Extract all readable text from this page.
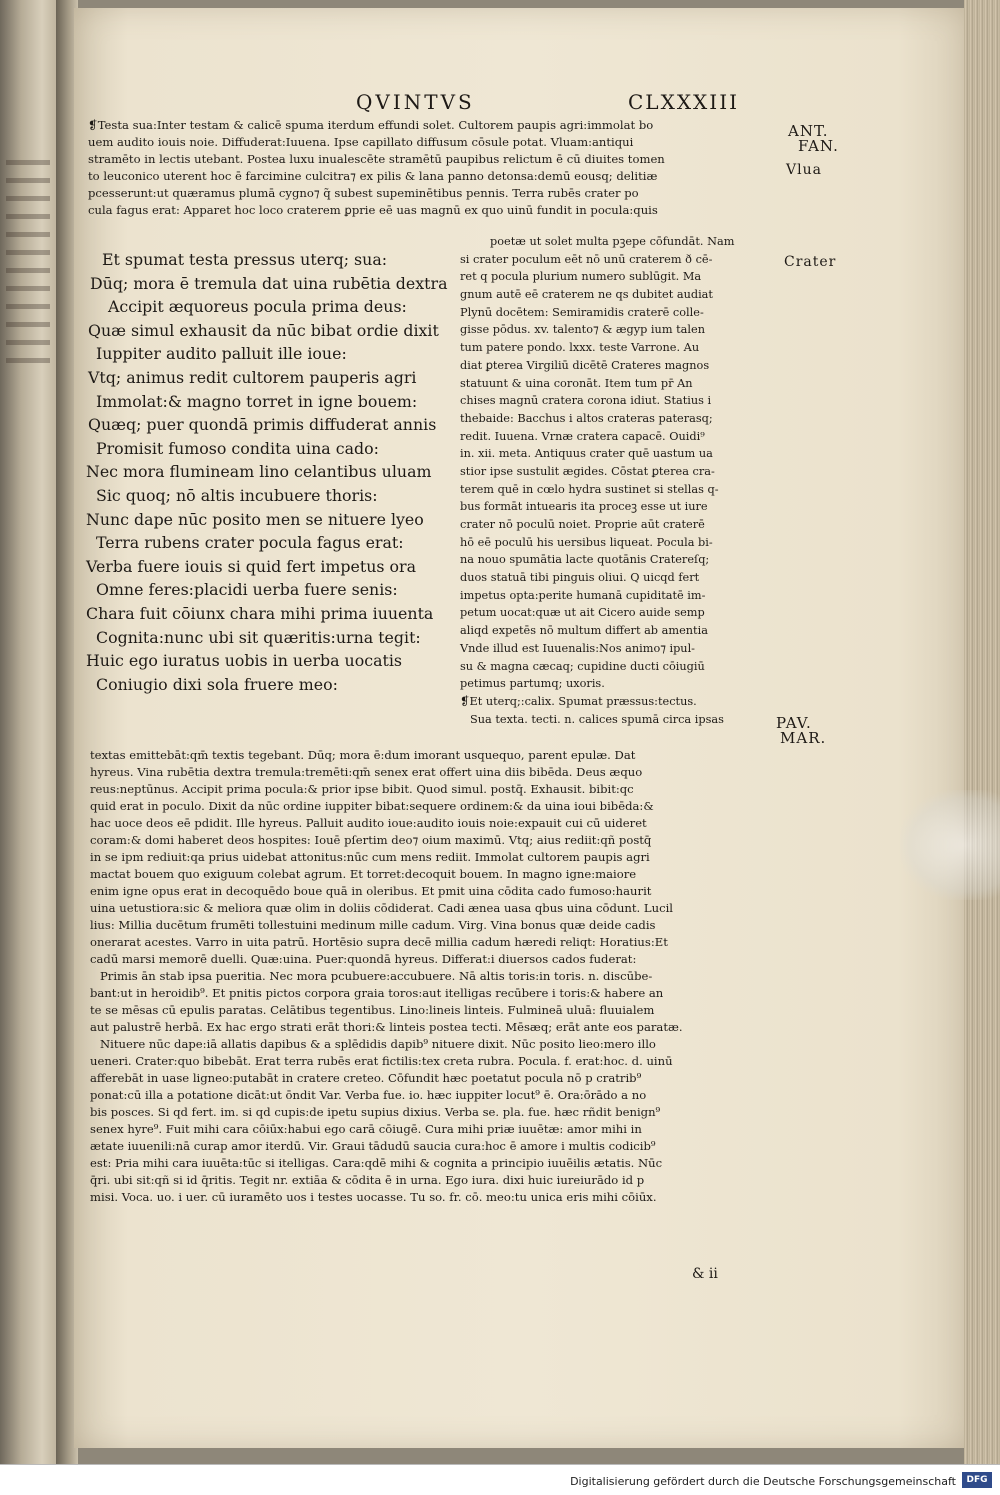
QVINTVS	CLXXXIII
❡Testa sua:Inter testam & calicē spuma iterdum effundi solet. Cultorem paupis agri:immolat bo
uem audito iouis noie. Diffuderat:Iuuena. Ipse capillato diffusum cōsule potat. Vluam:antiqui
stramēto in lectis utebant. Postea luxu inualescēte stramētū paupibus relictum ē cū diuites tomen
to leuconico uterent hoc ē farcimine culcitra⁊ ex pilis & lana panno detonsa:demū eousq; delitiæ
pcesserunt:ut quæramus plumā cygno⁊ q̃ subest supeminētibus pennis. Terra rubēs crater po
cula fagus erat: Apparet hoc loco craterem ꝑprie eē uas magnū ex quo uinū fundit in pocula:quis
Et spumat testa pressus uterq; sua:
Dūq; mora ē tremula dat uina rubētia dextra
Accipit æquoreus pocula prima deus:
Quæ simul exhausit da nūc bibat ordie dixit
Iuppiter audito palluit ille ioue:
Vtq; animus redit cultorem pauperis agri
Immolat:& magno torret in igne bouem:
Quæq; puer quondā primis diffuderat annis
Promisit fumoso condita uina cado:
Nec mora flumineam lino celantibus uluam
Sic quoq; nō altis incubuere thoris:
Nunc dape nūc posito men se nituere lyeo
Terra rubens crater pocula fagus erat:
Verba fuere iouis si quid fert impetus ora
Omne feres:placidi uerba fuere senis:
Chara fuit cōiunx chara mihi prima iuuenta
Cognita:nunc ubi sit quæritis:urna tegit:
Huic ego iuratus uobis in uerba uocatis
Coniugio dixi sola fruere meo:
poetæ ut solet multa pꝫepe cōfundāt. Nam
si crater poculum eēt nō unū craterem ð cē-
ret q pocula plurium numero sublūgit. Ma
gnum autē eē craterem ne qs dubitet audiat
Plynū docētem: Semiramidis craterē colle-
gisse pōdus. xv. talento⁊ & ægyp ium talen
tum patere pondo. lxxx. teste Varrone. Au
diat ꝑterea Virgiliū dicētē Crateres magnos
statuunt & uina coronāt. Item tum pr̄ An
chises magnū cratera corona idiut. Statius i
thebaide: Bacchus i altos crateras paterasq;
redit. Iuuena. Vrnæ cratera capacē. Ouidi⁹
in. xii. meta. Antiquus crater quē uastum ua
stior ipse sustulit ægides. Cōstat ꝑterea cra-
terem quē in cœlo hydra sustinet si stellas q-
bus formāt intuearis ita proceꝫ esse ut iure
crater nō poculū noiet. Proprie aūt craterē
hō eē poculū his uersibus liqueat. Pocula bi-
na nouo spumātia lacte quotānis Cratereſq;
duos statuā tibi pinguis oliui. Q uicqd fert
impetus opta:perite humanā cupiditatē im-
petum uocat:quæ ut ait Cicero auide semp
aliqd expetēs nō multum differt ab amentia
Vnde illud est Iuuenalis:Nos animo⁊ ipul-
su & magna cæcaq; cupidine ducti cōiugiū
petimus partumq; uxoris.
❡Et uterq;:calix. Spumat præssus:tectus.
Sua texta. tecti. n. calices spumā circa ipsas
textas emittebāt:qm̄ textis tegebant. Dūq; mora ē:dum imorant usquequo, parent epulæ. Dat
hyreus. Vina rubētia dextra tremula:tremēti:qm̄ senex erat offert uina diis bibēda. Deus æquo
reus:neptūnus. Accipit prima pocula:& prior ipse bibit. Quod simul. postq̄. Exhausit. bibit:qc
quid erat in poculo. Dixit da nūc ordine iuppiter bibat:sequere ordinem:& da uina ioui bibēda:&
hac uoce deos eē pdidit. Ille hyreus. Palluit audito ioue:audito iouis noie:expauit cui cū uideret
coram:& domi haberet deos hospites: Iouē pſertim deo⁊ oium maximū. Vtq; aius rediit:qñ postq̄
in se ipm rediuit:qa prius uidebat attonitus:nūc cum mens rediit. Immolat cultorem paupis agri
mactat bouem quo exiguum colebat agrum. Et torret:decoquit bouem. In magno igne:maiore
enim igne opus erat in decoquēdo boue quā in oleribus. Et pmit uina cōdita cado fumoso:haurit
uina uetustiora:sic & meliora quæ olim in doliis cōdiderat. Cadi ænea uasa qbus uina cōdunt. Lucil
lius: Millia ducētum frumēti tollestuini medinum mille cadum. Virg. Vina bonus quæ deide cadis
onerarat acestes. Varro in uita patrū. Hortēsio supra decē millia cadum hæredi reliqt: Horatius:Et
cadū marsi memorē duelli. Quæ:uina. Puer:quondā hyreus. Differat:i diuersos cados fuderat:
Primis ān stab ipsa pueritia. Nec mora pcubuere:accubuere. Nā altis toris:in toris. n. discūbe-
bant:ut in heroidib⁹. Et pnitis pictos corpora graia toros:aut itelligas recūbere i toris:& habere an
te se mēsas cū epulis paratas. Celātibus tegentibus. Lino:lineis linteis. Fulmineā uluā: fluuialem
aut palustrē herbā. Ex hac ergo strati erāt thori:& linteis postea tecti. Mēsæq; erāt ante eos paratæ.
Nituere nūc dape:iā allatis dapibus & a splēdidis dapib⁹ nituere dixit. Nūc posito lieo:mero illo
ueneri. Crater:quo bibebāt. Erat terra rubēs erat fictilis:tex creta rubra. Pocula. f. erat:hoc. d. uinū
afferebāt in uase ligneo:putabāt in cratere creteo. Cōfundit hæc poetatut pocula nō p cratrib⁹
ponat:cū illa a potatione dicāt:ut ōndit Var. Verba fue. io. hæc iuppiter locut⁹ ē. Ora:ōrādo a no
bis posces. Si qd fert. im. si qd cupis:de ipetu supius dixius. Verba se. pla. fue. hæc rñdit benign⁹
senex hyre⁹. Fuit mihi cara cōiūx:habui ego carā cōiugē. Cura mihi priæ iuuētæ: amor mihi in
ætate iuuenili:nā curap amor iterdū. Vir. Graui tādudū saucia cura:hoc ē amore i multis codicib⁹
est: Pria mihi cara iuuēta:tūc si itelligas. Cara:qdē mihi & cognita a principio iuuēilis ætatis. Nūc
q̄ri. ubi sit:qñ si id q̄ritis. Tegit nr. extiāa & cōdita ē in urna. Ego iura. dixi huic iureiurādo id p
misi. Voca. uo. i uer. cū iuramēto uos i testes uocasse. Tu so. fr. cō. meo:tu unica eris mihi cōiūx.
ANT.
FAN.
Vlua
Crater
PAV.
MAR.
& ii
Digitalisierung gefördert durch die Deutsche Forschungsgemeinschaft	DFG
